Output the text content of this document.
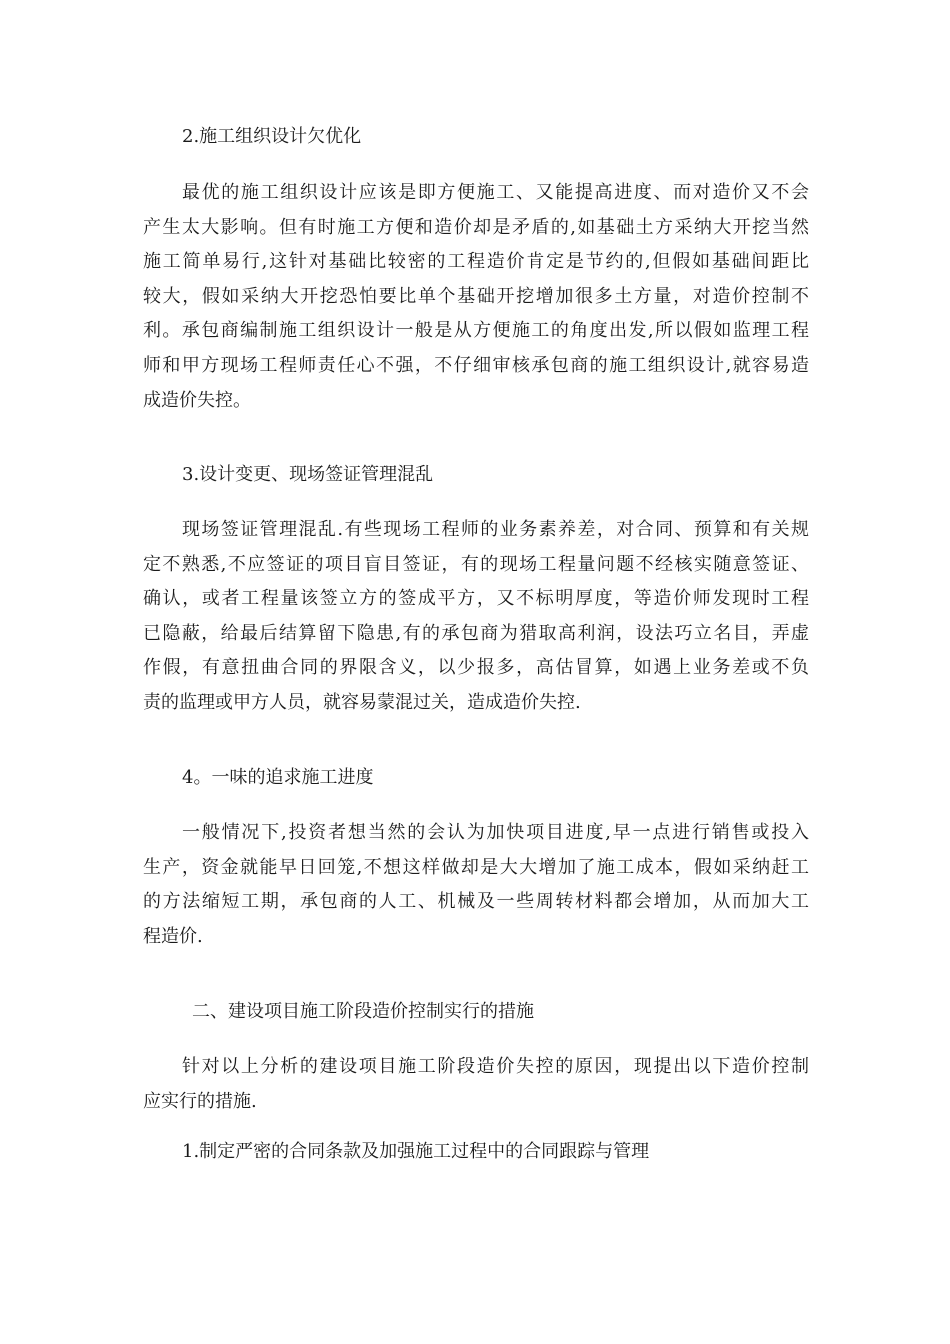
2.施工组织设计欠优化
最优的施工组织设计应该是即方便施工、又能提高进度、而对造价又不会
产生太大影响。但有时施工方便和造价却是矛盾的,如基础土方采纳大开挖当然
施工简单易行,这针对基础比较密的工程造价肯定是节约的,但假如基础间距比
较大，假如采纳大开挖恐怕要比单个基础开挖增加很多土方量，对造价控制不
利。承包商编制施工组织设计一般是从方便施工的角度出发,所以假如监理工程
师和甲方现场工程师责任心不强，不仔细审核承包商的施工组织设计,就容易造
成造价失控。
3.设计变更、现场签证管理混乱
现场签证管理混乱.有些现场工程师的业务素养差，对合同、预算和有关规
定不熟悉,不应签证的项目盲目签证，有的现场工程量问题不经核实随意签证、
确认，或者工程量该签立方的签成平方，又不标明厚度，等造价师发现时工程
已隐蔽，给最后结算留下隐患,有的承包商为猎取高利润，设法巧立名目，弄虚
作假，有意扭曲合同的界限含义，以少报多，高估冒算，如遇上业务差或不负
责的监理或甲方人员，就容易蒙混过关，造成造价失控.
4。一味的追求施工进度
一般情况下,投资者想当然的会认为加快项目进度,早一点进行销售或投入
生产，资金就能早日回笼,不想这样做却是大大增加了施工成本，假如采纳赶工
的方法缩短工期，承包商的人工、机械及一些周转材料都会增加，从而加大工
程造价.
二、建设项目施工阶段造价控制实行的措施
针对以上分析的建设项目施工阶段造价失控的原因，现提出以下造价控制
应实行的措施.
1.制定严密的合同条款及加强施工过程中的合同跟踪与管理
